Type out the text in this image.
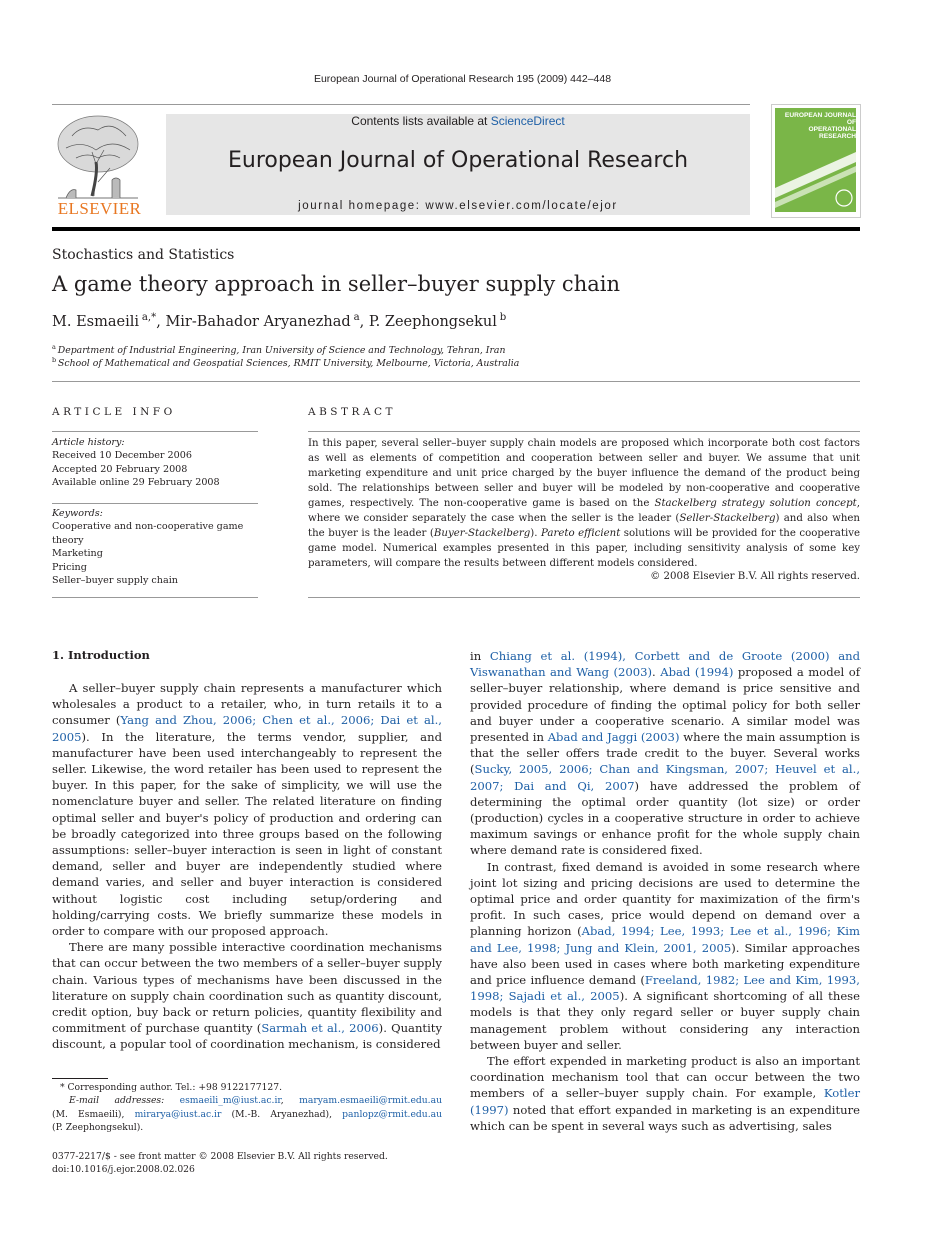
European Journal of Operational Research 195 (2009) 442–448
ELSEVIER
Contents lists available at ScienceDirect
European Journal of Operational Research
journal homepage: www.elsevier.com/locate/ejor
EUROPEAN JOURNAL OF
OPERATIONAL RESEARCH
Stochastics and Statistics
A game theory approach in seller–buyer supply chain
M. Esmaeili  $^{a,*}$, Mir-Bahador Aryanezhad  $^a$, P. Zeephongsekul  $^b$
$^a$  Department of Industrial Engineering, Iran University of Science and Technology, Tehran, Iran
$^b$  School of Mathematical and Geospatial Sciences, RMIT University, Melbourne, Victoria, Australia
ARTICLE INFO	ABSTRACT
Article history:
Received 10 December 2006
Accepted 20 February 2008
Available online 29 February 2008
Keywords:
Cooperative and non-cooperative game
theory
Marketing
Pricing
Seller–buyer supply chain
In this paper, several seller–buyer supply chain models are proposed which incorporate both cost factors as well as elements of competition and cooperation between seller and buyer. We assume that unit marketing expenditure and unit price charged by the buyer influence the demand of the product being sold. The relationships between seller and buyer will be modeled by non-cooperative and cooperative games, respectively. The non-cooperative game is based on the Stackelberg strategy solution concept, where we consider separately the case when the seller is the leader (Seller-Stackelberg) and also when the buyer is the leader (Buyer-Stackelberg). Pareto efficient solutions will be provided for the cooperative game model. Numerical examples presented in this paper, including sensitivity analysis of some key parameters, will compare the results between different models considered.
© 2008 Elsevier B.V. All rights reserved.
1. Introduction

A seller–buyer supply chain represents a manufacturer which wholesales a product to a retailer, who, in turn retails it to a consumer (Yang and Zhou, 2006; Chen et al., 2006; Dai et al., 2005). In the literature, the terms vendor, supplier, and manufacturer have been used interchangeably to represent the seller. Likewise, the word retailer has been used to represent the buyer. In this paper, for the sake of simplicity, we will use the nomenclature buyer and seller. The related literature on finding optimal seller and buyer's policy of production and ordering can be broadly categorized into three groups based on the following assumptions: seller–buyer interaction is seen in light of constant demand, seller and buyer are independently studied where demand varies, and seller and buyer interaction is considered without logistic cost including setup/ordering and holding/carrying costs. We briefly summarize these models in order to compare with our proposed approach.

There are many possible interactive coordination mechanisms that can occur between the two members of a seller–buyer supply chain. Various types of mechanisms have been discussed in the literature on supply chain coordination such as quantity discount, credit option, buy back or return policies, quantity flexibility and commitment of purchase quantity (Sarmah et al., 2006). Quantity discount, a popular tool of coordination mechanism, is considered

in Chiang et al. (1994), Corbett and de Groote (2000) and Viswanathan and Wang (2003). Abad (1994) proposed a model of seller–buyer relationship, where demand is price sensitive and provided procedure of finding the optimal policy for both seller and buyer under a cooperative scenario. A similar model was presented in Abad and Jaggi (2003) where the main assumption is that the seller offers trade credit to the buyer. Several works (Sucky, 2005, 2006; Chan and Kingsman, 2007; Heuvel et al., 2007; Dai and Qi, 2007) have addressed the problem of determining the optimal order quantity (lot size) or order (production) cycles in a cooperative structure in order to achieve maximum savings or enhance profit for the whole supply chain where demand rate is considered fixed.

In contrast, fixed demand is avoided in some research where joint lot sizing and pricing decisions are used to determine the optimal price and order quantity for maximization of the firm's profit. In such cases, price would depend on demand over a planning horizon (Abad, 1994; Lee, 1993; Lee et al., 1996; Kim and Lee, 1998; Jung and Klein, 2001, 2005). Similar approaches have also been used in cases where both marketing expenditure and price influence demand (Freeland, 1982; Lee and Kim, 1993, 1998; Sajadi et al., 2005). A significant shortcoming of all these models is that they only regard seller or buyer supply chain management problem without considering any interaction between buyer and seller.

The effort expended in marketing product is also an important coordination mechanism tool that can occur between the two members of a seller–buyer supply chain. For example, Kotler (1997) noted that effort expanded in marketing is an expenditure which can be spent in several ways such as advertising, sales

* Corresponding author. Tel.: +98 9122177127.
E-mail addresses: esmaeili_m@iust.ac.ir, maryam.esmaeili@rmit.edu.au
(M. Esmaeili), mirarya@iust.ac.ir (M.-B. Aryanezhad), panlopz@rmit.edu.au
(P. Zeephongsekul).
0377-2217/$ - see front matter © 2008 Elsevier B.V. All rights reserved.
doi:10.1016/j.ejor.2008.02.026
